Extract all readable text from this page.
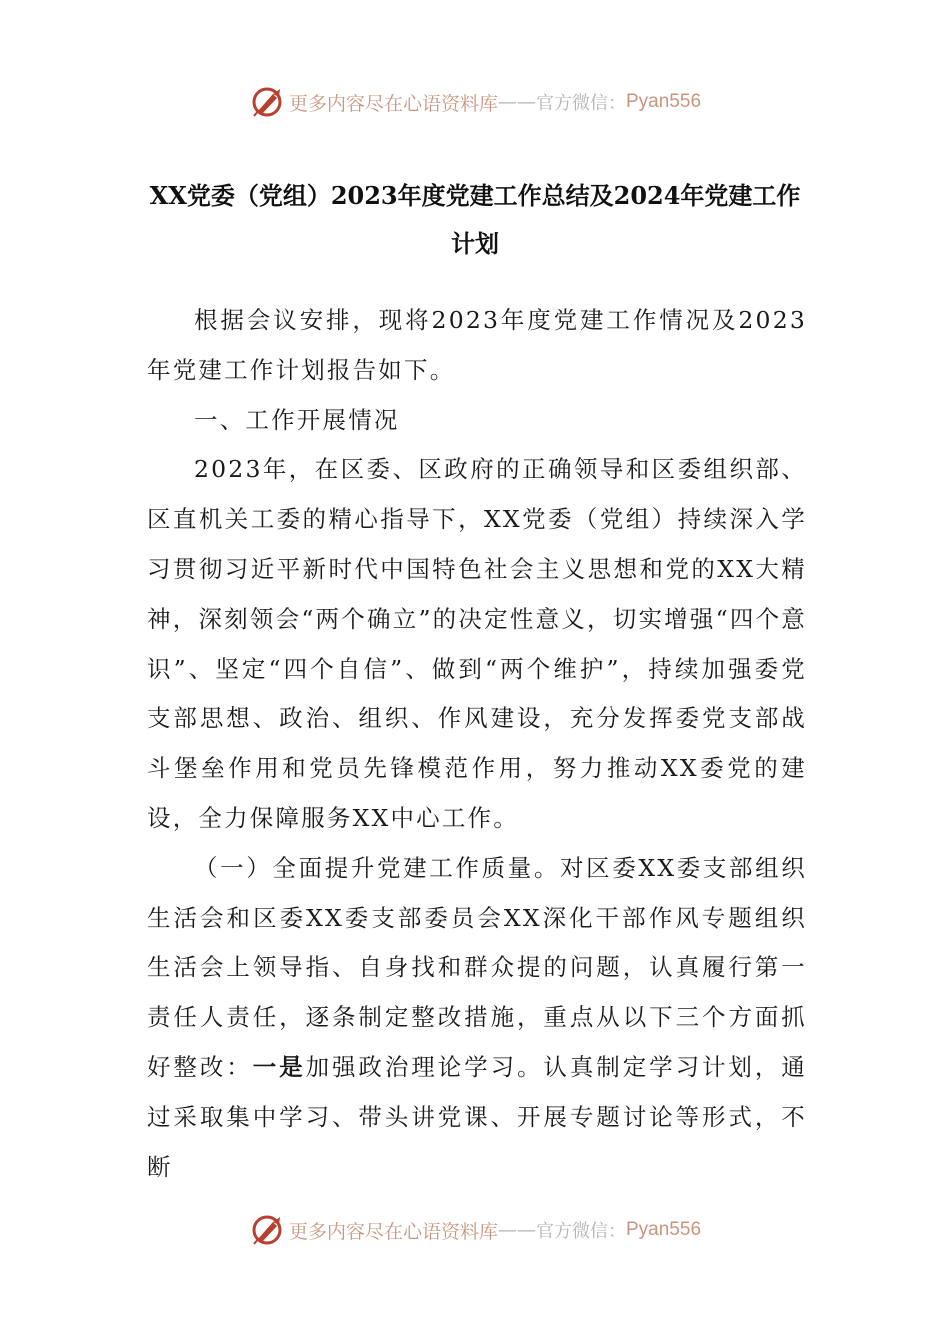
更多内容尽在心语资料库 —— 官方微信： Pyan556
XX党委（党组）2023年度党建工作总结及2024年党建工作计划

根据会议安排，现将2023年度党建工作情况及2023年党建工作计划报告如下。

一、工作开展情况

2023年，在区委、区政府的正确领导和区委组织部、区直机关工委的精心指导下，XX党委（党组）持续深入学习贯彻习近平新时代中国特色社会主义思想和党的XX大精神，深刻领会“两个确立”的决定性意义，切实增强“四个意识”、坚定“四个自信”、做到“两个维护”，持续加强委党支部思想、政治、组织、作风建设，充分发挥委党支部战斗堡垒作用和党员先锋模范作用，努力推动XX委党的建设，全力保障服务XX中心工作。

（一）全面提升党建工作质量。对区委XX委支部组织生活会和区委XX委支部委员会XX深化干部作风专题组织生活会上领导指、自身找和群众提的问题，认真履行第一责任人责任，逐条制定整改措施，重点从以下三个方面抓好整改：一是加强政治理论学习。认真制定学习计划，通过采取集中学习、带头讲党课、开展专题讨论等形式，不断

更多内容尽在心语资料库 —— 官方微信： Pyan556
